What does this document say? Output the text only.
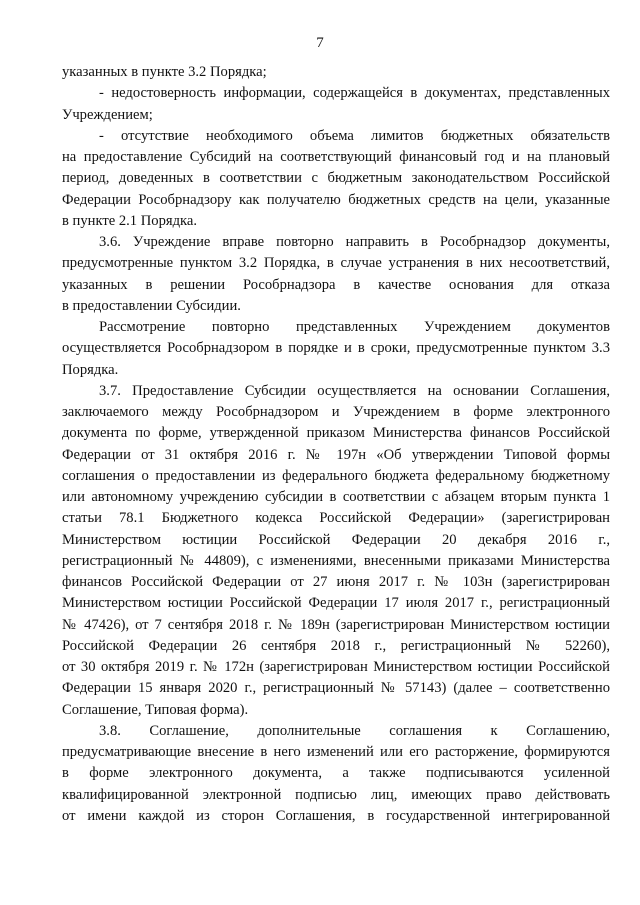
7
указанных в пункте 3.2 Порядка;
- недостоверность информации, содержащейся в документах, представленных
Учреждением;
- отсутствие необходимого объема лимитов бюджетных обязательств
на предоставление Субсидий на соответствующий финансовый год и на плановый
период, доведенных в соответствии с бюджетным законодательством Российской
Федерации Рособрнадзору как получателю бюджетных средств на цели, указанные
в пункте 2.1 Порядка.
3.6. Учреждение вправе повторно направить в Рособрнадзор документы,
предусмотренные пунктом 3.2 Порядка, в случае устранения в них несоответствий,
указанных в решении Рособрнадзора в качестве основания для отказа
в предоставлении Субсидии.
Рассмотрение повторно представленных Учреждением документов
осуществляется Рособрнадзором в порядке и в сроки, предусмотренные пунктом 3.3
Порядка.
3.7. Предоставление Субсидии осуществляется на основании Соглашения,
заключаемого между Рособрнадзором и Учреждением в форме электронного
документа по форме, утвержденной приказом Министерства финансов Российской
Федерации от 31 октября 2016 г. № 197н «Об утверждении Типовой формы
соглашения о предоставлении из федерального бюджета федеральному бюджетному
или автономному учреждению субсидии в соответствии с абзацем вторым пункта 1
статьи 78.1 Бюджетного кодекса Российской Федерации» (зарегистрирован
Министерством юстиции Российской Федерации 20 декабря 2016 г.,
регистрационный № 44809), с изменениями, внесенными приказами Министерства
финансов Российской Федерации от 27 июня 2017 г. № 103н (зарегистрирован
Министерством юстиции Российской Федерации 17 июля 2017 г., регистрационный
№ 47426), от 7 сентября 2018 г. № 189н (зарегистрирован Министерством юстиции
Российской Федерации 26 сентября 2018 г., регистрационный № 52260),
от 30 октября 2019 г. № 172н (зарегистрирован Министерством юстиции Российской
Федерации 15 января 2020 г., регистрационный № 57143) (далее – соответственно
Соглашение, Типовая форма).
3.8. Соглашение, дополнительные соглашения к Соглашению,
предусматривающие внесение в него изменений или его расторжение, формируются
в форме электронного документа, а также подписываются усиленной
квалифицированной электронной подписью лиц, имеющих право действовать
от имени каждой из сторон Соглашения, в государственной интегрированной
